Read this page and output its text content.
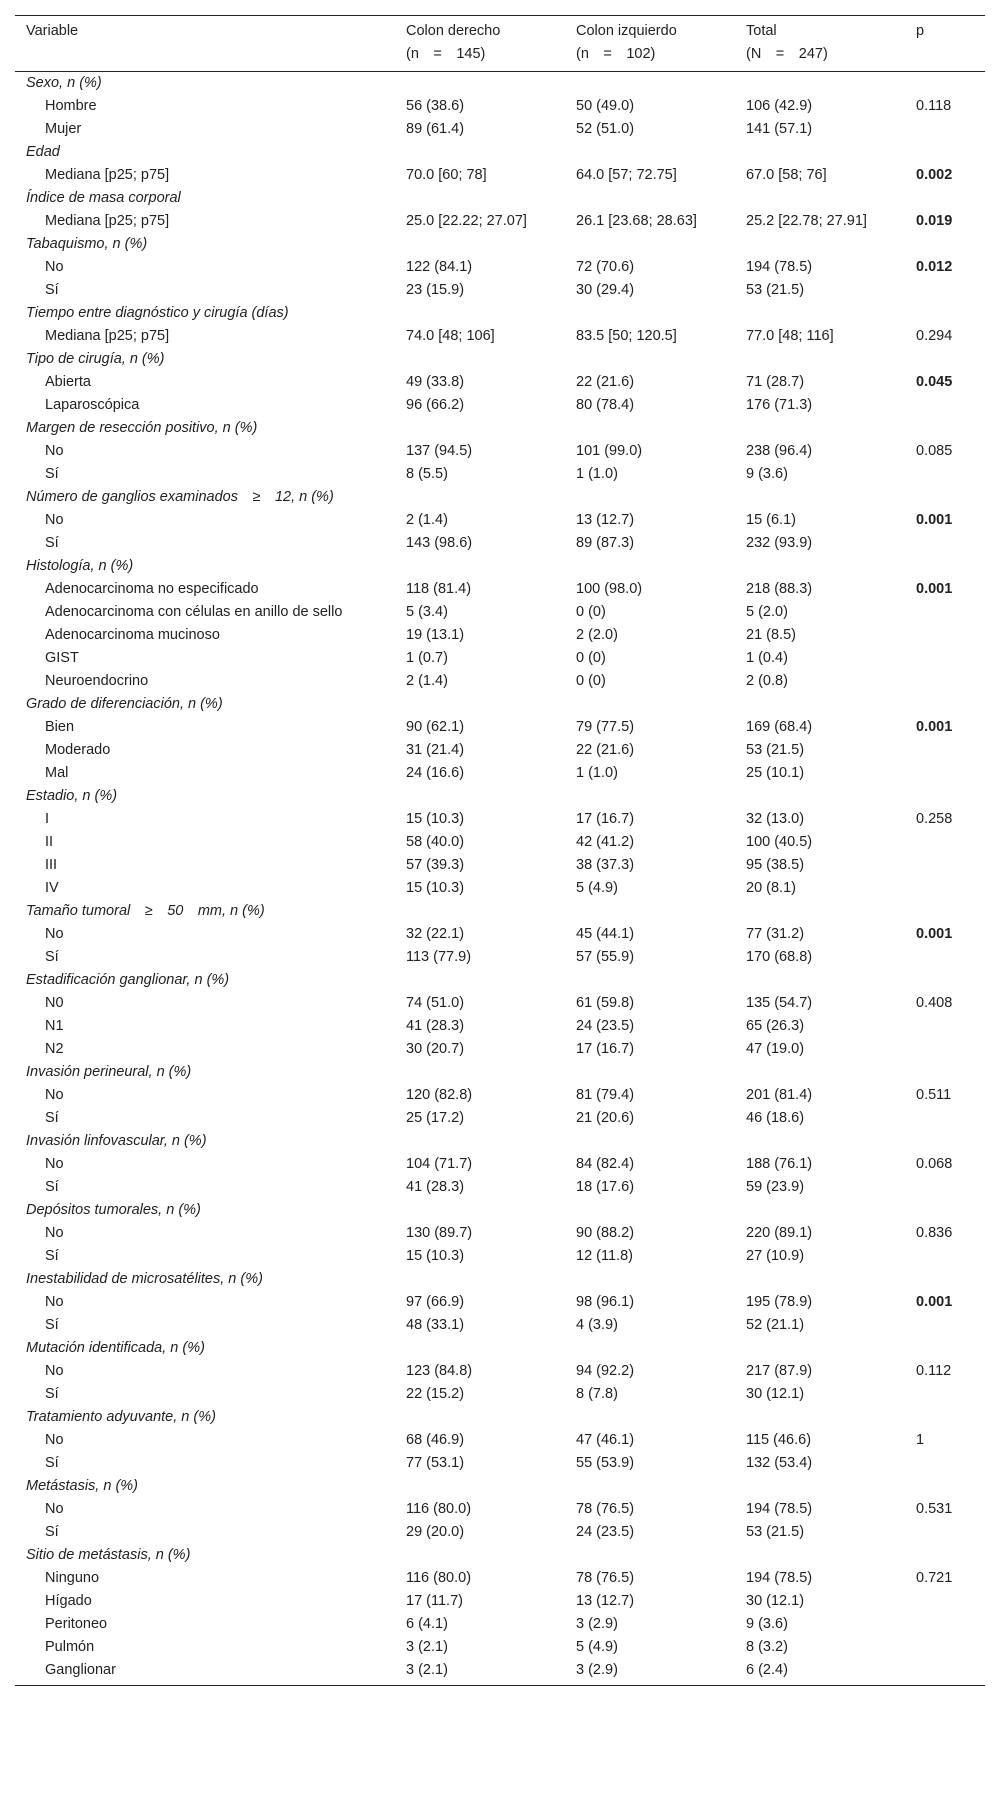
Variable	Colon derecho	Colon izquierdo	Total	p
	(n = 145)	(n = 102)	(N = 247)	
Sexo, n (%)				
Hombre	56 (38.6)	50 (49.0)	106 (42.9)	0.118
Mujer	89 (61.4)	52 (51.0)	141 (57.1)	
Edad				
Mediana [p25; p75]	70.0 [60; 78]	64.0 [57; 72.75]	67.0 [58; 76]	0.002
Índice de masa corporal				
Mediana [p25; p75]	25.0 [22.22; 27.07]	26.1 [23.68; 28.63]	25.2 [22.78; 27.91]	0.019
Tabaquismo, n (%)				
No	122 (84.1)	72 (70.6)	194 (78.5)	0.012
Sí	23 (15.9)	30 (29.4)	53 (21.5)	
Tiempo entre diagnóstico y cirugía (días)				
Mediana [p25; p75]	74.0 [48; 106]	83.5 [50; 120.5]	77.0 [48; 116]	0.294
Tipo de cirugía, n (%)				
Abierta	49 (33.8)	22 (21.6)	71 (28.7)	0.045
Laparoscópica	96 (66.2)	80 (78.4)	176 (71.3)	
Margen de resección positivo, n (%)				
No	137 (94.5)	101 (99.0)	238 (96.4)	0.085
Sí	8 (5.5)	1 (1.0)	9 (3.6)	
Número de ganglios examinados ≥ 12, n (%)				
No	2 (1.4)	13 (12.7)	15 (6.1)	0.001
Sí	143 (98.6)	89 (87.3)	232 (93.9)	
Histología, n (%)				
Adenocarcinoma no especificado	118 (81.4)	100 (98.0)	218 (88.3)	0.001
Adenocarcinoma con células en anillo de sello	5 (3.4)	0 (0)	5 (2.0)	
Adenocarcinoma mucinoso	19 (13.1)	2 (2.0)	21 (8.5)	
GIST	1 (0.7)	0 (0)	1 (0.4)	
Neuroendocrino	2 (1.4)	0 (0)	2 (0.8)	
Grado de diferenciación, n (%)				
Bien	90 (62.1)	79 (77.5)	169 (68.4)	0.001
Moderado	31 (21.4)	22 (21.6)	53 (21.5)	
Mal	24 (16.6)	1 (1.0)	25 (10.1)	
Estadio, n (%)				
I	15 (10.3)	17 (16.7)	32 (13.0)	0.258
II	58 (40.0)	42 (41.2)	100 (40.5)	
III	57 (39.3)	38 (37.3)	95 (38.5)	
IV	15 (10.3)	5 (4.9)	20 (8.1)	
Tamaño tumoral ≥ 50 mm, n (%)				
No	32 (22.1)	45 (44.1)	77 (31.2)	0.001
Sí	113 (77.9)	57 (55.9)	170 (68.8)	
Estadificación ganglionar, n (%)				
N0	74 (51.0)	61 (59.8)	135 (54.7)	0.408
N1	41 (28.3)	24 (23.5)	65 (26.3)	
N2	30 (20.7)	17 (16.7)	47 (19.0)	
Invasión perineural, n (%)				
No	120 (82.8)	81 (79.4)	201 (81.4)	0.511
Sí	25 (17.2)	21 (20.6)	46 (18.6)	
Invasión linfovascular, n (%)				
No	104 (71.7)	84 (82.4)	188 (76.1)	0.068
Sí	41 (28.3)	18 (17.6)	59 (23.9)	
Depósitos tumorales, n (%)				
No	130 (89.7)	90 (88.2)	220 (89.1)	0.836
Sí	15 (10.3)	12 (11.8)	27 (10.9)	
Inestabilidad de microsatélites, n (%)				
No	97 (66.9)	98 (96.1)	195 (78.9)	0.001
Sí	48 (33.1)	4 (3.9)	52 (21.1)	
Mutación identificada, n (%)				
No	123 (84.8)	94 (92.2)	217 (87.9)	0.112
Sí	22 (15.2)	8 (7.8)	30 (12.1)	
Tratamiento adyuvante, n (%)				
No	68 (46.9)	47 (46.1)	115 (46.6)	1
Sí	77 (53.1)	55 (53.9)	132 (53.4)	
Metástasis, n (%)				
No	116 (80.0)	78 (76.5)	194 (78.5)	0.531
Sí	29 (20.0)	24 (23.5)	53 (21.5)	
Sitio de metástasis, n (%)				
Ninguno	116 (80.0)	78 (76.5)	194 (78.5)	0.721
Hígado	17 (11.7)	13 (12.7)	30 (12.1)	
Peritoneo	6 (4.1)	3 (2.9)	9 (3.6)	
Pulmón	3 (2.1)	5 (4.9)	8 (3.2)	
Ganglionar	3 (2.1)	3 (2.9)	6 (2.4)	
